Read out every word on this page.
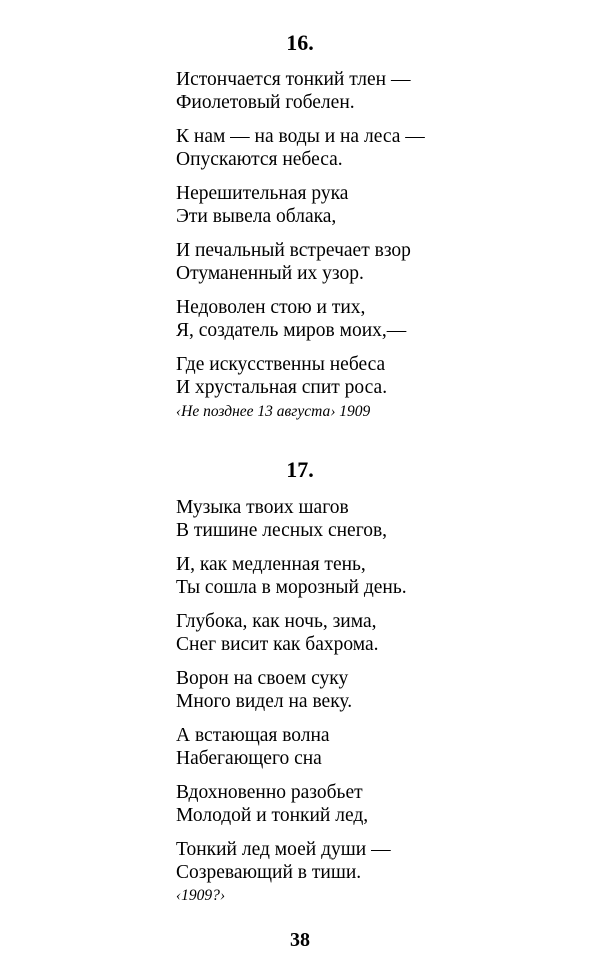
16.
Истончается тонкий тлен —
Фиолетовый гобелен.
К нам — на воды и на леса —
Опускаются небеса.
Нерешительная рука
Эти вывела облака,
И печальный встречает взор
Отуманенный их узор.
Недоволен стою и тих,
Я, создатель миров моих,—
Где искусственны небеса
И хрустальная спит роса.
‹Не позднее 13 августа› 1909
17.
Музыка твоих шагов
В тишине лесных снегов,
И, как медленная тень,
Ты сошла в морозный день.
Глубока, как ночь, зима,
Снег висит как бахрома.
Ворон на своем суку
Много видел на веку.
А встающая волна
Набегающего сна
Вдохновенно разобьет
Молодой и тонкий лед,
Тонкий лед моей души —
Созревающий в тиши.
‹1909?›
38
